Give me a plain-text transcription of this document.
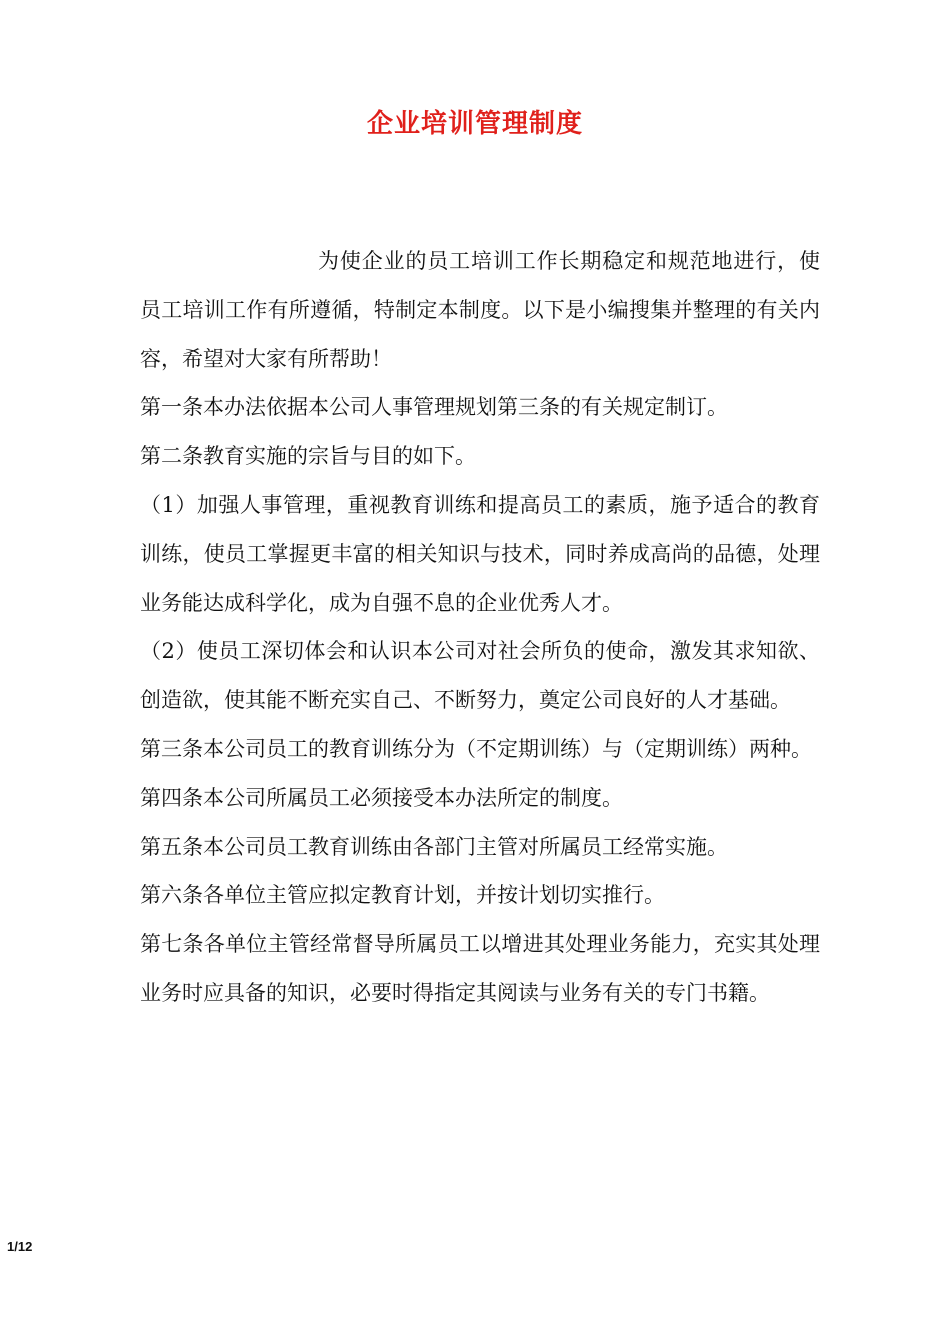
企业培训管理制度

为使企业的员工培训工作长期稳定和规范地进行，使员工培训工作有所遵循，特制定本制度。以下是小编搜集并整理的有关内容，希望对大家有所帮助！

第一条本办法依据本公司人事管理规划第三条的有关规定制订。

第二条教育实施的宗旨与目的如下。

（1）加强人事管理，重视教育训练和提高员工的素质，施予适合的教育训练，使员工掌握更丰富的相关知识与技术，同时养成高尚的品德，处理业务能达成科学化，成为自强不息的企业优秀人才。

（2）使员工深切体会和认识本公司对社会所负的使命，激发其求知欲、创造欲，使其能不断充实自己、不断努力，奠定公司良好的人才基础。

第三条本公司员工的教育训练分为（不定期训练）与（定期训练）两种。

第四条本公司所属员工必须接受本办法所定的制度。

第五条本公司员工教育训练由各部门主管对所属员工经常实施。

第六条各单位主管应拟定教育计划，并按计划切实推行。

第七条各单位主管经常督导所属员工以增进其处理业务能力，充实其处理业务时应具备的知识，必要时得指定其阅读与业务有关的专门书籍。

1/12
